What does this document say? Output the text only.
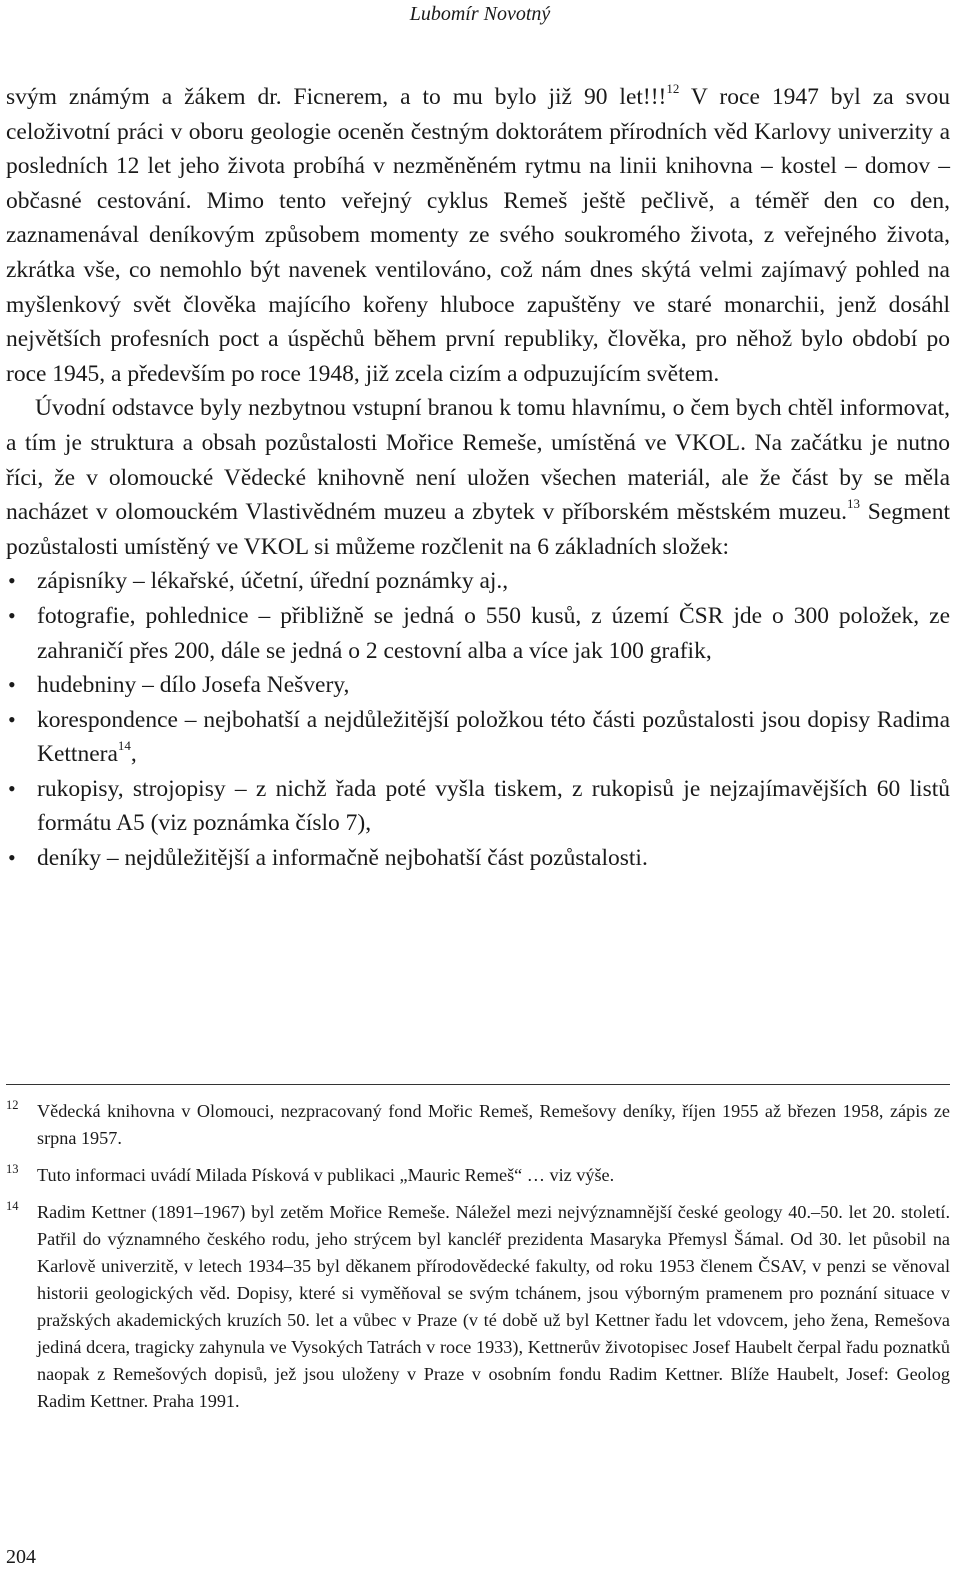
Lubomír Novotný

svým známým a žákem dr. Ficnerem, a to mu bylo již 90 let!!!$^{12}$ V roce 1947 byl za svou celoživotní práci v oboru geologie oceněn čestným doktorátem přírodních věd Karlovy univerzity a posledních 12 let jeho života probíhá v nezměněném rytmu na linii knihovna – kostel – domov – občasné cestování. Mimo tento veřejný cyklus Remeš ještě pečlivě, a téměř den co den, zaznamenával deníkovým způsobem momenty ze svého soukromého života, z veřejného života, zkrátka vše, co nemohlo být navenek ventilováno, což nám dnes skýtá velmi zajímavý pohled na myšlenkový svět člověka majícího kořeny hluboce zapuštěny ve staré monarchii, jenž dosáhl největších profesních poct a úspěchů během první republiky, člověka, pro něhož bylo období po roce 1945, a především po roce 1948, již zcela cizím a odpuzujícím světem.

Úvodní odstavce byly nezbytnou vstupní branou k tomu hlavnímu, o čem bych chtěl informovat, a tím je struktura a obsah pozůstalosti Mořice Remeše, umístěná ve VKOL. Na začátku je nutno říci, že v olomoucké Vědecké knihovně není uložen všechen materiál, ale že část by se měla nacházet v olomouckém Vlastivědném muzeu a zbytek v příborském městském muzeu.$^{13}$ Segment pozůstalosti umístěný ve VKOL si můžeme rozčlenit na 6 základních složek:

• zápisníky – lékařské, účetní, úřední poznámky aj.,
• fotografie, pohlednice – přibližně se jedná o 550 kusů, z území ČSR jde o 300 položek, ze zahraničí přes 200, dále se jedná o 2 cestovní alba a více jak 100 grafik,
• hudebniny – dílo Josefa Nešvery,
• korespondence – nejbohatší a nejdůležitější položkou této části pozůstalosti jsou dopisy Radima Kettnera$^{14}$,
• rukopisy, strojopisy – z nichž řada poté vyšla tiskem, z rukopisů je nejzajímavějších 60 listů formátu A5 (viz poznámka číslo 7),
• deníky – nejdůležitější a informačně nejbohatší část pozůstalosti.
12 Vědecká knihovna v Olomouci, nezpracovaný fond Mořic Remeš, Remešovy deníky, říjen 1955 až březen 1958, zápis ze srpna 1957.
13 Tuto informaci uvádí Milada Písková v publikaci „Mauric Remeš“ … viz výše.
14 Radim Kettner (1891–1967) byl zetěm Mořice Remeše. Náležel mezi nejvýznamnější české geology 40.–50. let 20. století. Patřil do významného českého rodu, jeho strýcem byl kancléř prezidenta Masaryka Přemysl Šámal. Od 30. let působil na Karlově univerzitě, v letech 1934–35 byl děkanem přírodovědecké fakulty, od roku 1953 členem ČSAV, v penzi se věnoval historii geologických věd. Dopisy, které si vyměňoval se svým tchánem, jsou výborným pramenem pro poznání situace v pražských akademických kruzích 50. let a vůbec v Praze (v té době už byl Kettner řadu let vdovcem, jeho žena, Remešova jediná dcera, tragicky zahynula ve Vysokých Tatrách v roce 1933), Kettnerův životopisec Josef Haubelt čerpal řadu poznatků naopak z Remešových dopisů, jež jsou uloženy v Praze v osobním fondu Radim Kettner. Blíže Haubelt, Josef: Geolog Radim Kettner. Praha 1991.
204
